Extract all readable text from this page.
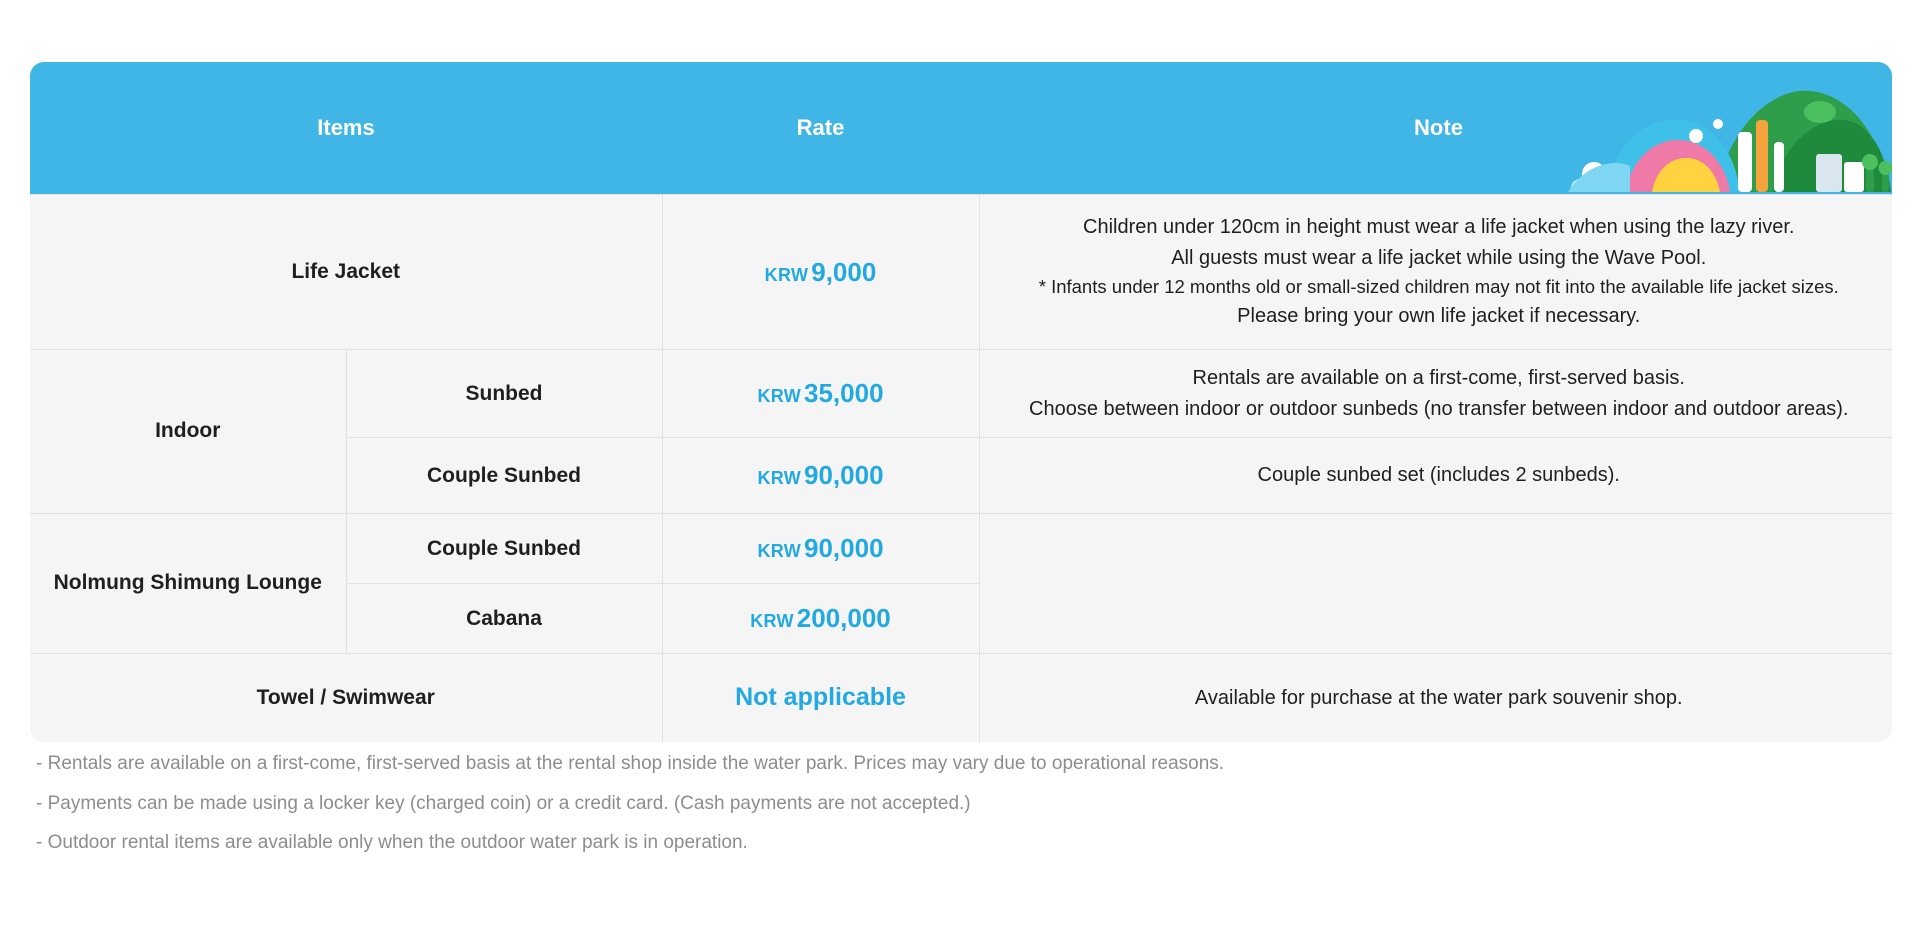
Items		Rate	Note

Life Jacket		KRW 9,000	Children under 120cm in height must wear a life jacket when using the lazy river.
All guests must wear a life jacket while using the Wave Pool.
* Infants under 12 months old or small-sized children may not fit into the available life jacket sizes.
Please bring your own life jacket if necessary.

Indoor	Sunbed	KRW 35,000	Rentals are available on a first-come, first-served basis.
Choose between indoor or outdoor sunbeds (no transfer between indoor and outdoor areas).

	Couple Sunbed	KRW 90,000	Couple sunbed set (includes 2 sunbeds).

Nolmung Shimung Lounge	Couple Sunbed	KRW 90,000	
	Cabana	KRW 200,000	
Towel / Swimwear		Not applicable	Available for purchase at the water park souvenir shop.

- Rentals are available on a first-come, first-served basis at the rental shop inside the water park. Prices may vary due to operational reasons.

- Payments can be made using a locker key (charged coin) or a credit card. (Cash payments are not accepted.)

- Outdoor rental items are available only when the outdoor water park is in operation.
